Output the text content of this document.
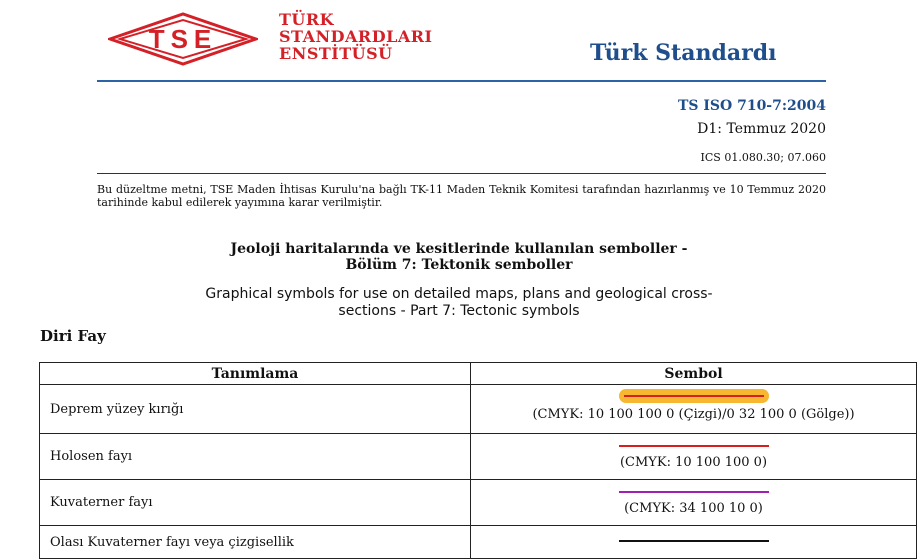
TSE
TÜRK
STANDARDLARI
ENSTİTÜSÜ	Türk Standardı
TS ISO 710-7:2004
D1: Temmuz 2020
ICS 01.080.30; 07.060
Bu düzeltme metni, TSE Maden İhtisas Kurulu'na bağlı TK-11 Maden Teknik Komitesi tarafından hazırlanmış ve 10 Temmuz 2020 tarihinde kabul edilerek yayımına karar verilmiştir.
Jeoloji haritalarında ve kesitlerinde kullanılan semboller -
Bölüm 7: Tektonik semboller
Graphical symbols for use on detailed maps, plans and geological cross-
sections - Part 7: Tectonic symbols
Diri Fay
Tanımlama	Sembol
Deprem yüzey kırığı	(CMYK: 10 100 100 0 (Çizgi)/0 32 100 0 (Gölge))

Holosen fayı	(CMYK: 10 100 100 0)

Kuvaterner fayı	(CMYK: 34 100 10 0)

Olası Kuvaterner fayı veya çizgisellik	
